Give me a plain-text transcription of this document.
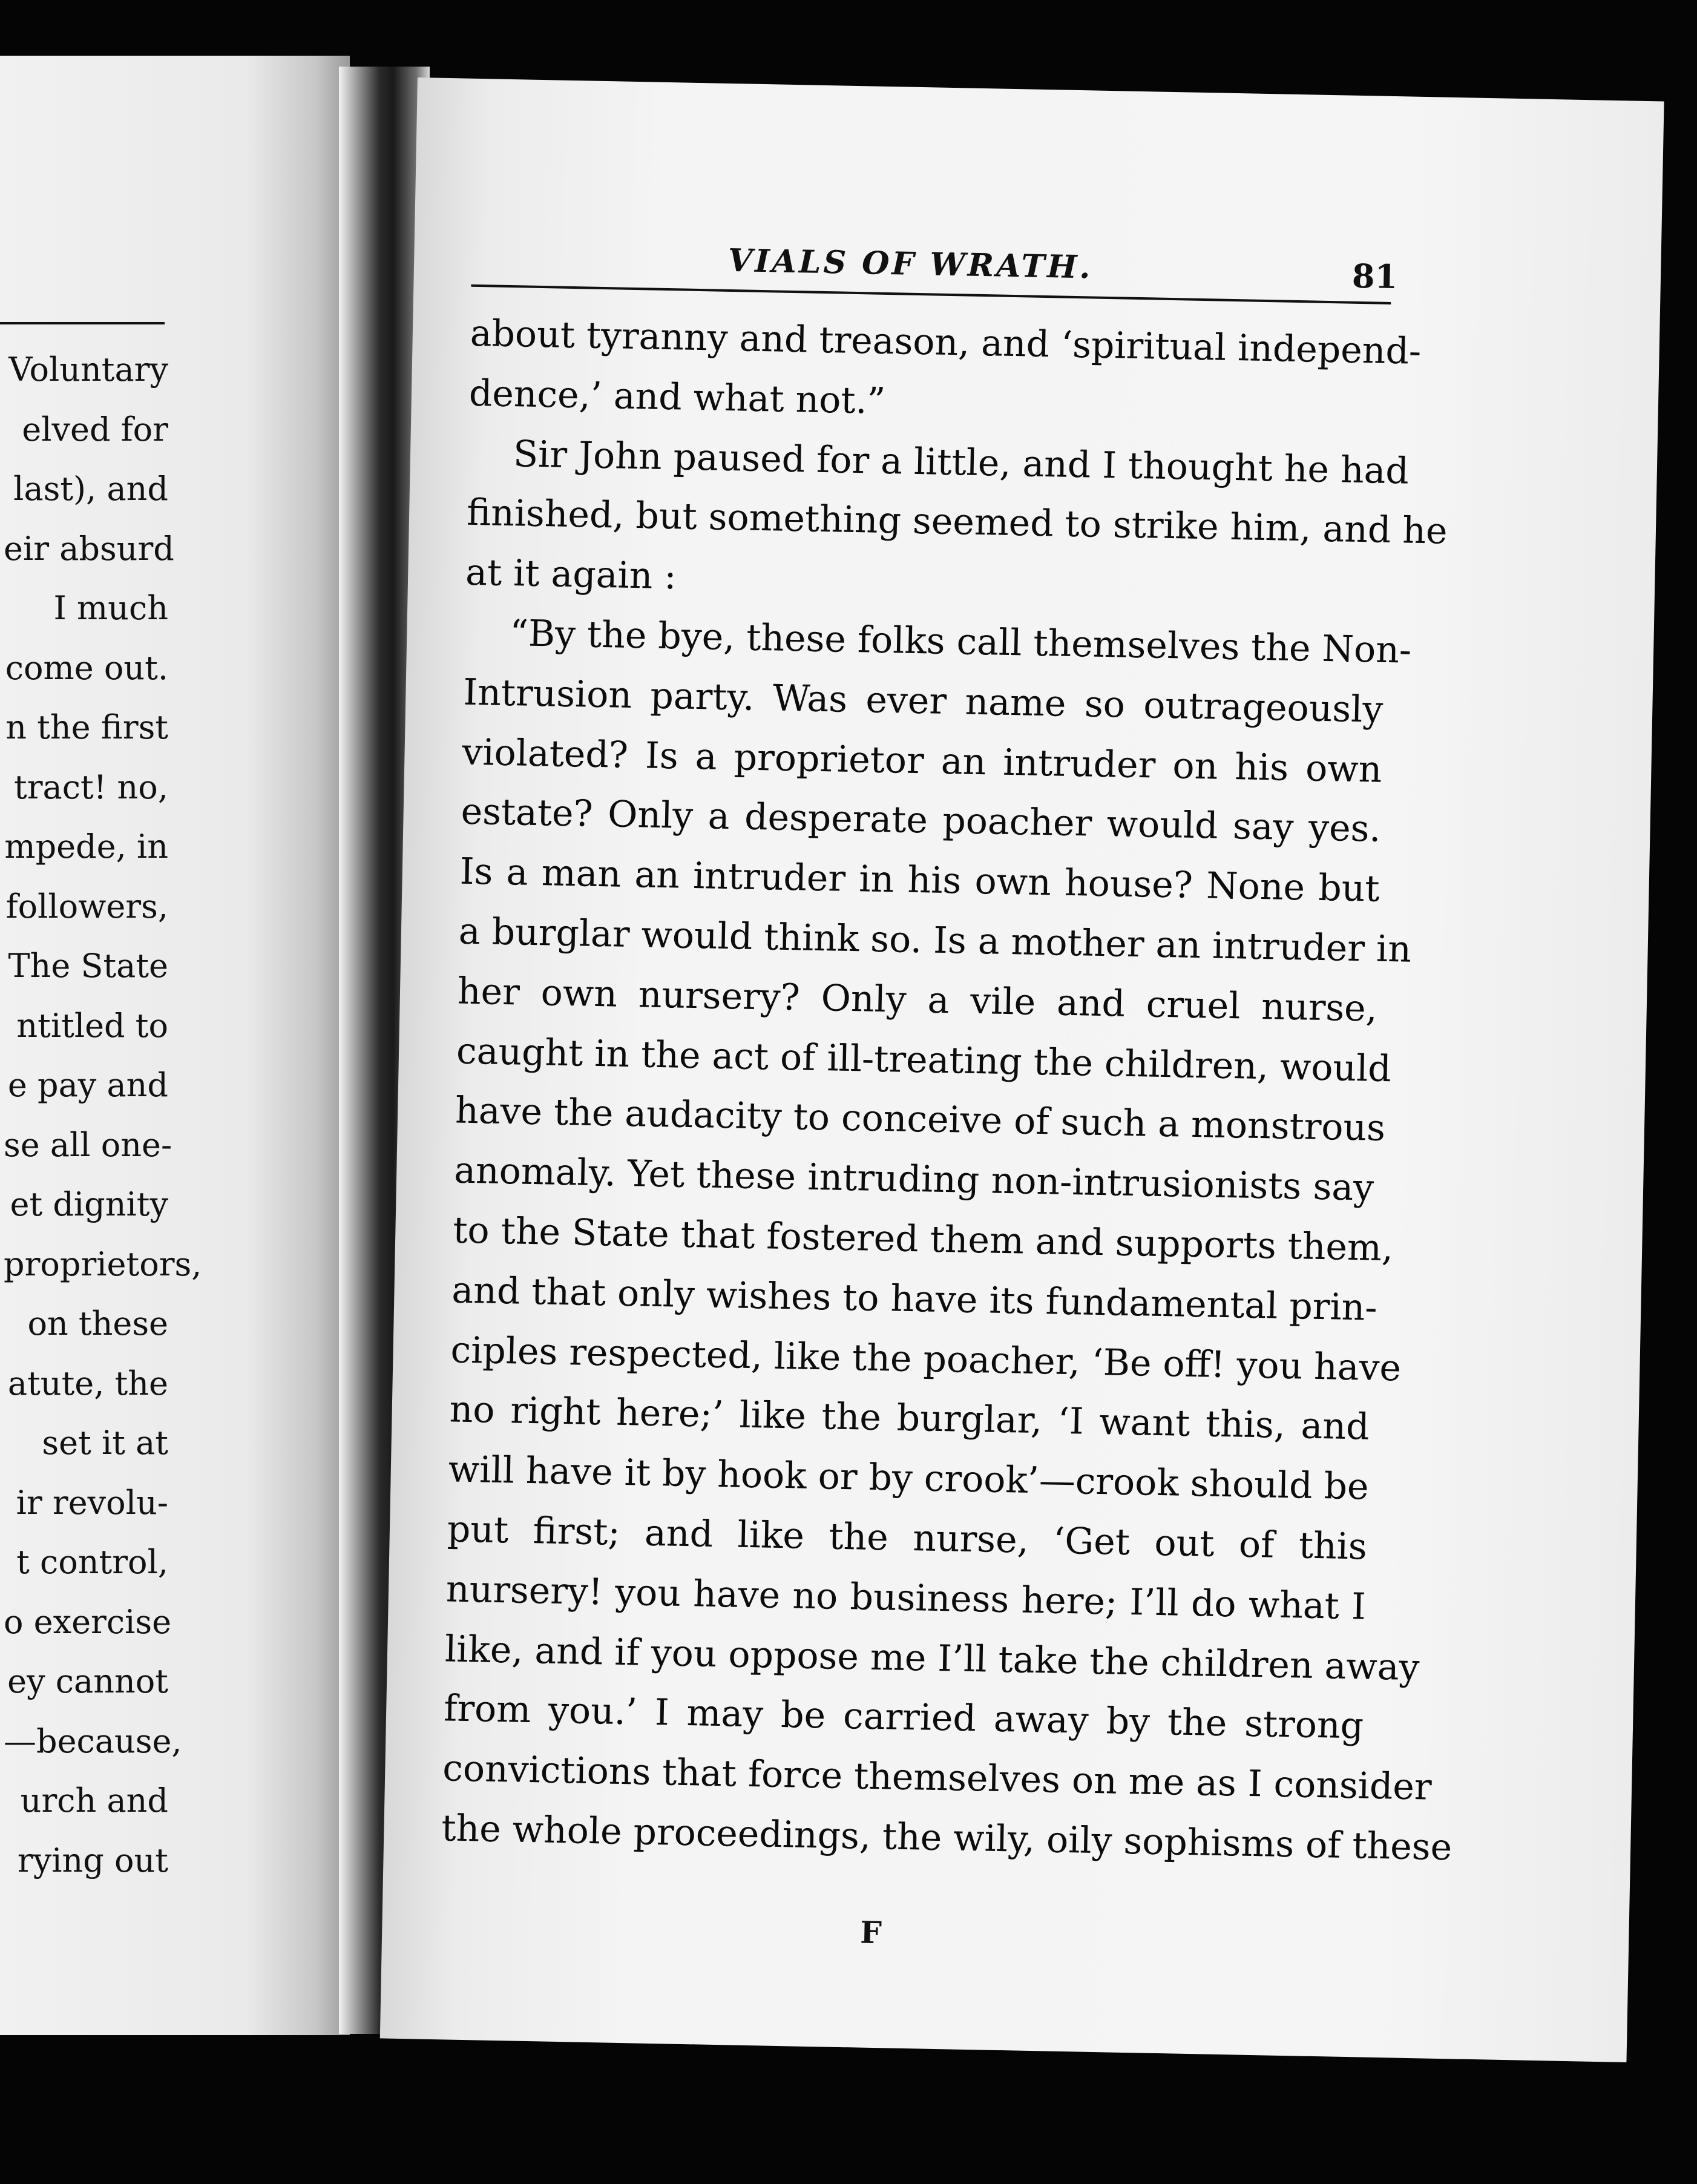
Voluntary
elved for
last), and
eir absurd
I much
come out.
n the first
tract! no,
mpede, in
followers,
The State
ntitled to
e pay and
se all one-
et dignity
proprietors,
on these
atute, the
set it at
ir revolu-
t control,
o exercise
ey cannot
—because,
urch and
rying out
VIALS OF WRATH.	81
about tyranny and treason, and ‘spiritual independ-
dence,’ and what not.”
Sir John paused for a little, and I thought he had
finished, but something seemed to strike him, and he
at it again :
“By the bye, these folks call themselves the Non-
Intrusion party. Was ever name so outrageously
violated? Is a proprietor an intruder on his own
estate? Only a desperate poacher would say yes.
Is a man an intruder in his own house? None but
a burglar would think so. Is a mother an intruder in
her own nursery? Only a vile and cruel nurse,
caught in the act of ill-treating the children, would
have the audacity to conceive of such a monstrous
anomaly. Yet these intruding non-intrusionists say
to the State that fostered them and supports them,
and that only wishes to have its fundamental prin-
ciples respected, like the poacher, ‘Be off! you have
no right here;’ like the burglar, ‘I want this, and
will have it by hook or by crook’—crook should be
put first; and like the nurse, ‘Get out of this
nursery! you have no business here; I’ll do what I
like, and if you oppose me I’ll take the children away
from you.’ I may be carried away by the strong
convictions that force themselves on me as I consider
the whole proceedings, the wily, oily sophisms of these
F
